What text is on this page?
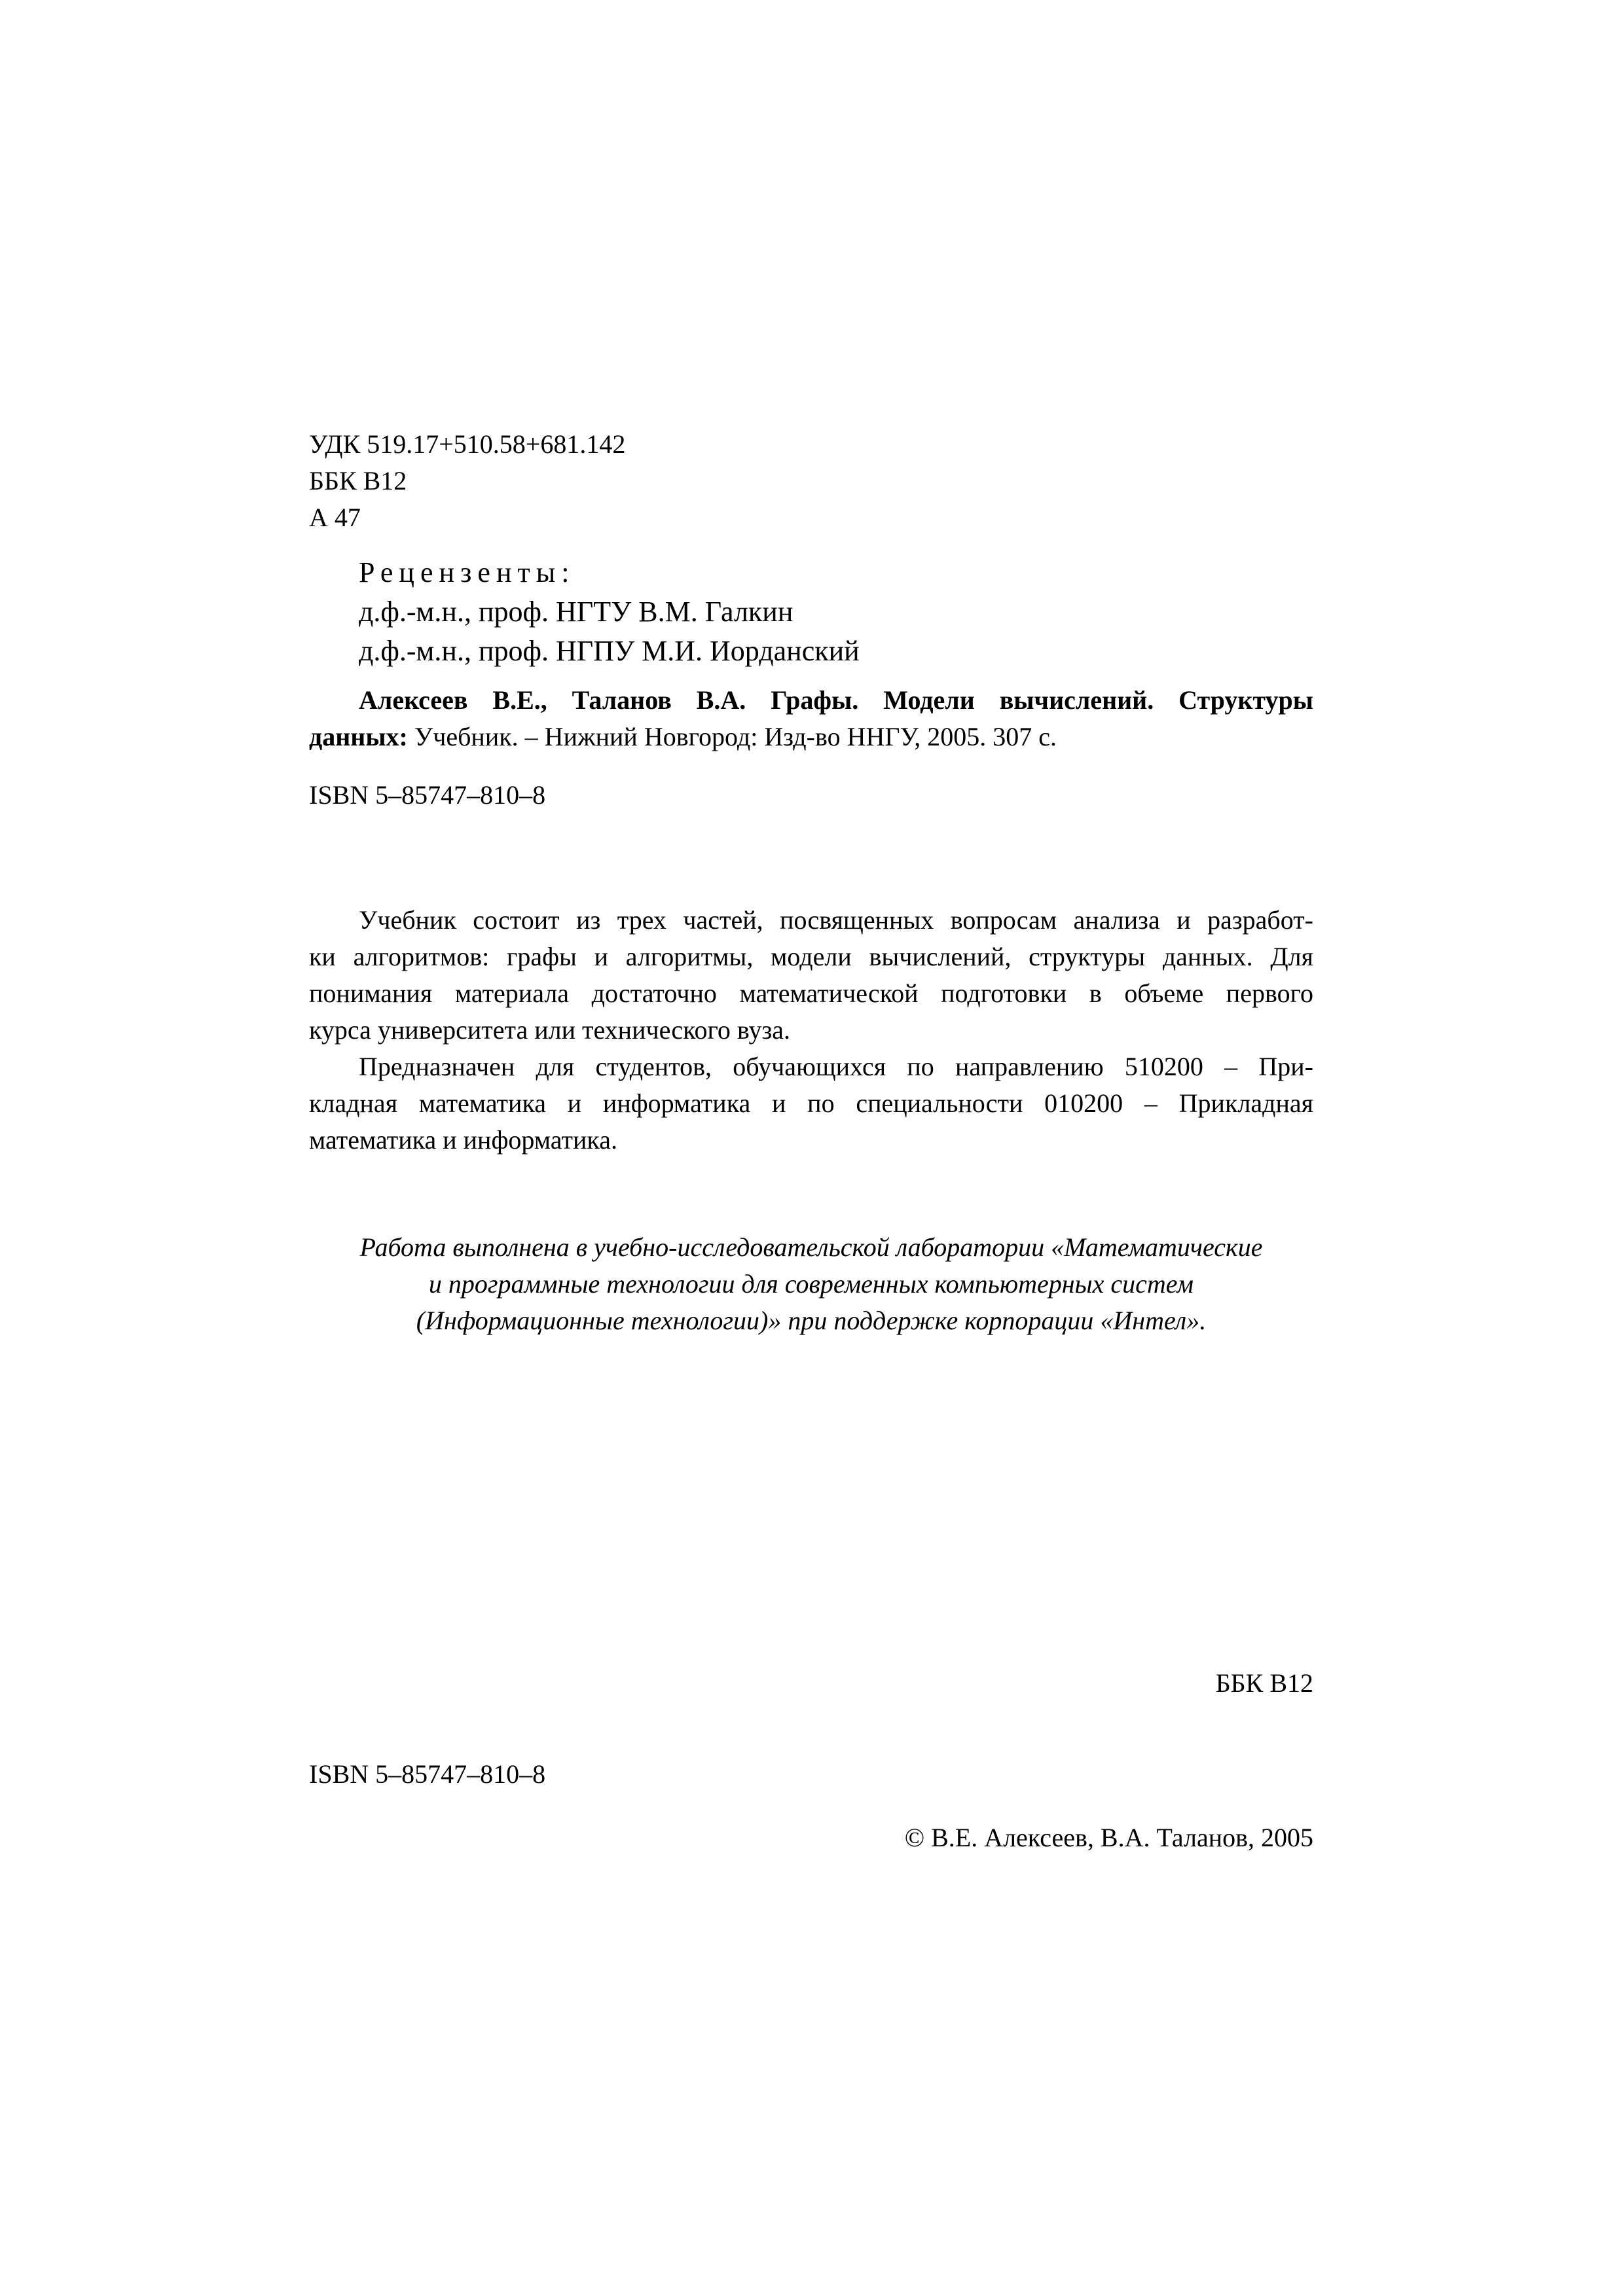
УДК 519.17+510.58+681.142
ББК В12
А 47
Рецензенты:
д.ф.-м.н., проф. НГТУ В.М. Галкин
д.ф.-м.н., проф. НГПУ М.И. Иорданский
Алексеев В.Е., Таланов В.А. Графы. Модели вычислений. Структуры
данных: Учебник. – Нижний Новгород: Изд-во ННГУ, 2005. 307 с.
ISBN 5–85747–810–8
Учебник состоит из трех частей, посвященных вопросам анализа и разработ-
ки алгоритмов: графы и алгоритмы, модели вычислений, структуры данных. Для
понимания материала достаточно математической подготовки в объеме первого
курса университета или технического вуза.
Предназначен для студентов, обучающихся по направлению 510200 – При-
кладная математика и информатика и по специальности 010200 – Прикладная
математика и информатика.
Работа выполнена в учебно-исследовательской лаборатории «Математические
и программные технологии для современных компьютерных систем
(Информационные технологии)» при поддержке корпорации «Интел».
ББК В12
ISBN 5–85747–810–8
© В.Е. Алексеев, В.А. Таланов, 2005
